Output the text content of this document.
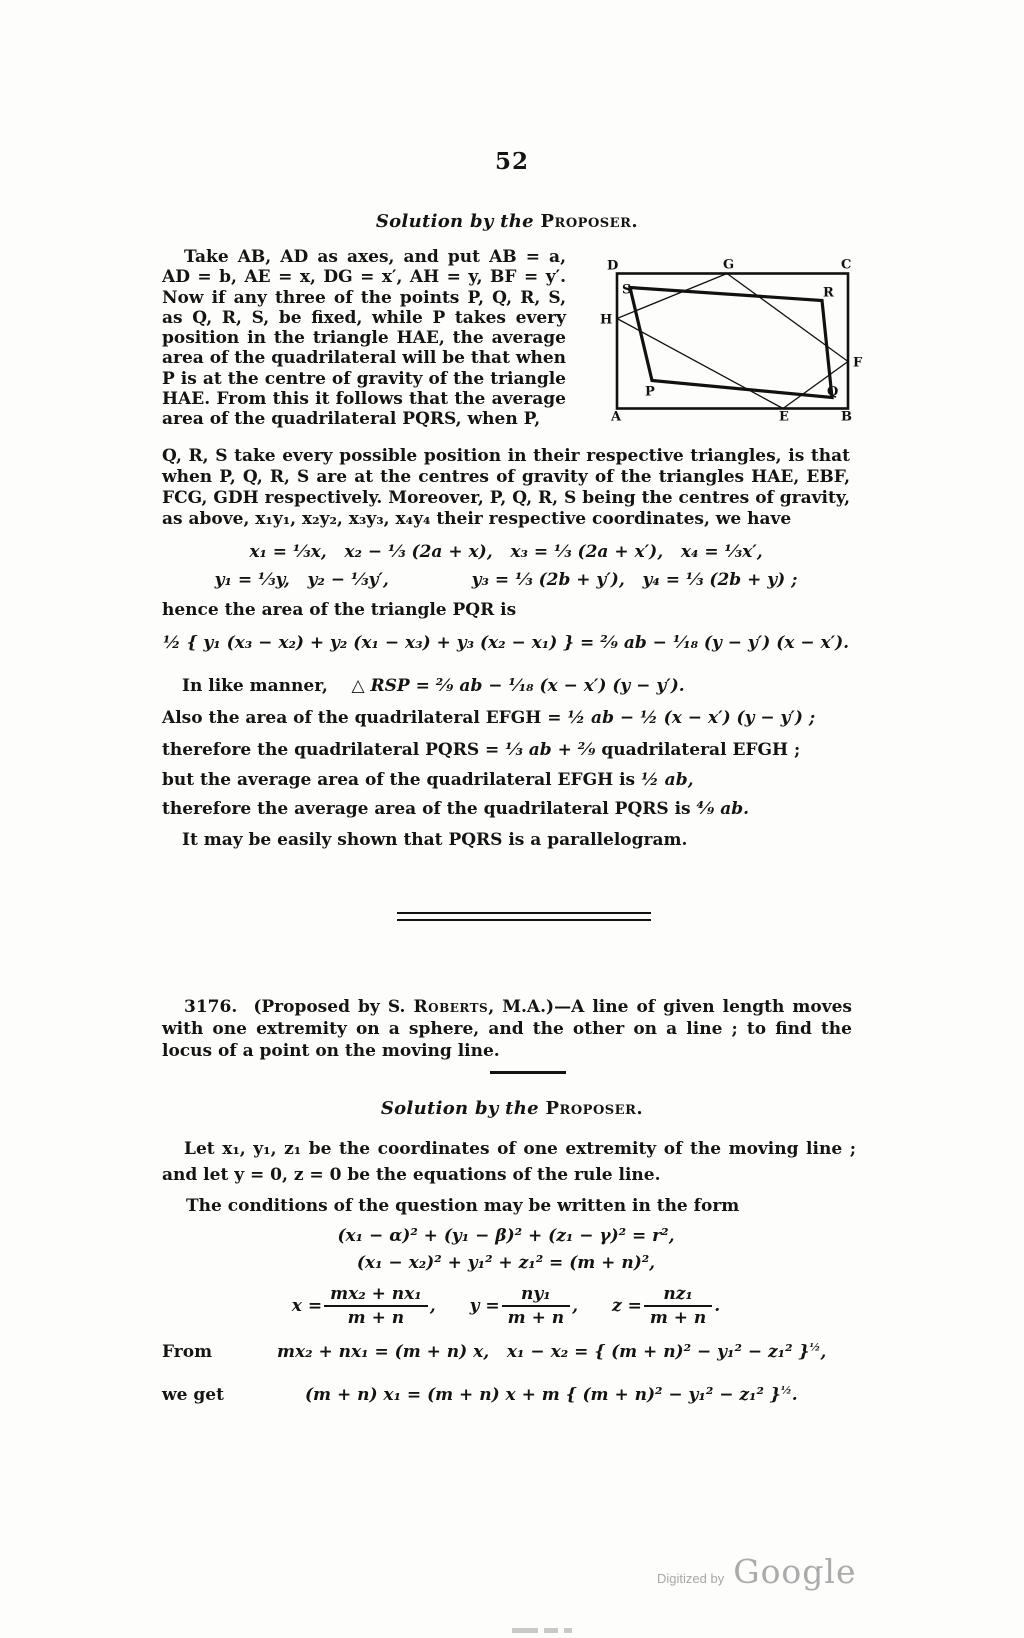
52
Solution by the Proposer.
Take AB, AD as axes, and put AB = a, AD = b, AE = x, DG = x′, AH = y, BF = y′. Now if any three of the points P, Q, R, S, as Q, R, S, be fixed, while P takes every position in the triangle HAE, the average area of the quadrilateral will be that when P is at the centre of gravity of the triangle HAE. From this it follows that the average area of the quadrilateral PQRS, when P,
D	G	C
S	R
H
F
P	Q
A	E	B
Q, R, S take every possible position in their respective triangles, is that when P, Q, R, S are at the centres of gravity of the triangles HAE, EBF, FCG, GDH respectively. Moreover, P, Q, R, S being the centres of gravity, as above, x₁y₁, x₂y₂, x₃y₃, x₄y₄ their respective coordinates, we have
x₁ = ⅓x,   x₂ − ⅓ (2a + x),   x₃ = ⅓ (2a + x′),   x₄ = ⅓x′,
y₁ = ⅓y,   y₂ − ⅓y′,              y₃ = ⅓ (2b + y′),   y₄ = ⅓ (2b + y) ;
hence the area of the triangle PQR is
½ { y₁ (x₃ − x₂) + y₂ (x₁ − x₃) + y₃ (x₂ − x₁) } = ²⁄₉ ab − ¹⁄₁₈ (y − y′) (x − x′).
In like manner,    △ RSP = ²⁄₉ ab − ¹⁄₁₈ (x − x′) (y − y′).
Also the area of the quadrilateral EFGH = ½ ab − ½ (x − x′) (y − y′) ;
therefore the quadrilateral PQRS = ⅓ ab + ²⁄₉ quadrilateral EFGH ;
but the average area of the quadrilateral EFGH is ½ ab,
therefore the average area of the quadrilateral PQRS is ⁴⁄₉ ab.
It may be easily shown that PQRS is a parallelogram.
3176.  (Proposed by S. Roberts, M.A.)—A line of given length moves with one extremity on a sphere, and the other on a line ; to find the locus of a point on the moving line.
Solution by the Proposer.
Let x₁, y₁, z₁ be the coordinates of one extremity of the moving line ; and let y = 0, z = 0 be the equations of the rule line.
The conditions of the question may be written in the form
(x₁ − α)² + (y₁ − β)² + (z₁ − γ)² = r²,
(x₁ − x₂)² + y₁² + z₁² = (m + n)²,
$x = \frac{\text{mx₂ + nx₁}}{m + n}$ , $y = \frac{\text{ny₁}}{m + n}$ , $z = \frac{\text{nz₁}}{m + n}$ .
From	mx₂ + nx₁ = (m + n) x,   x₁ − x₂ = { (m + n)² − y₁² − z₁² }$^{\frac{1}{2}}$,
we get	(m + n) x₁ = (m + n) x + m { (m + n)² − y₁² − z₁² }$^{\frac{1}{2}}$.
Digitized by Google
